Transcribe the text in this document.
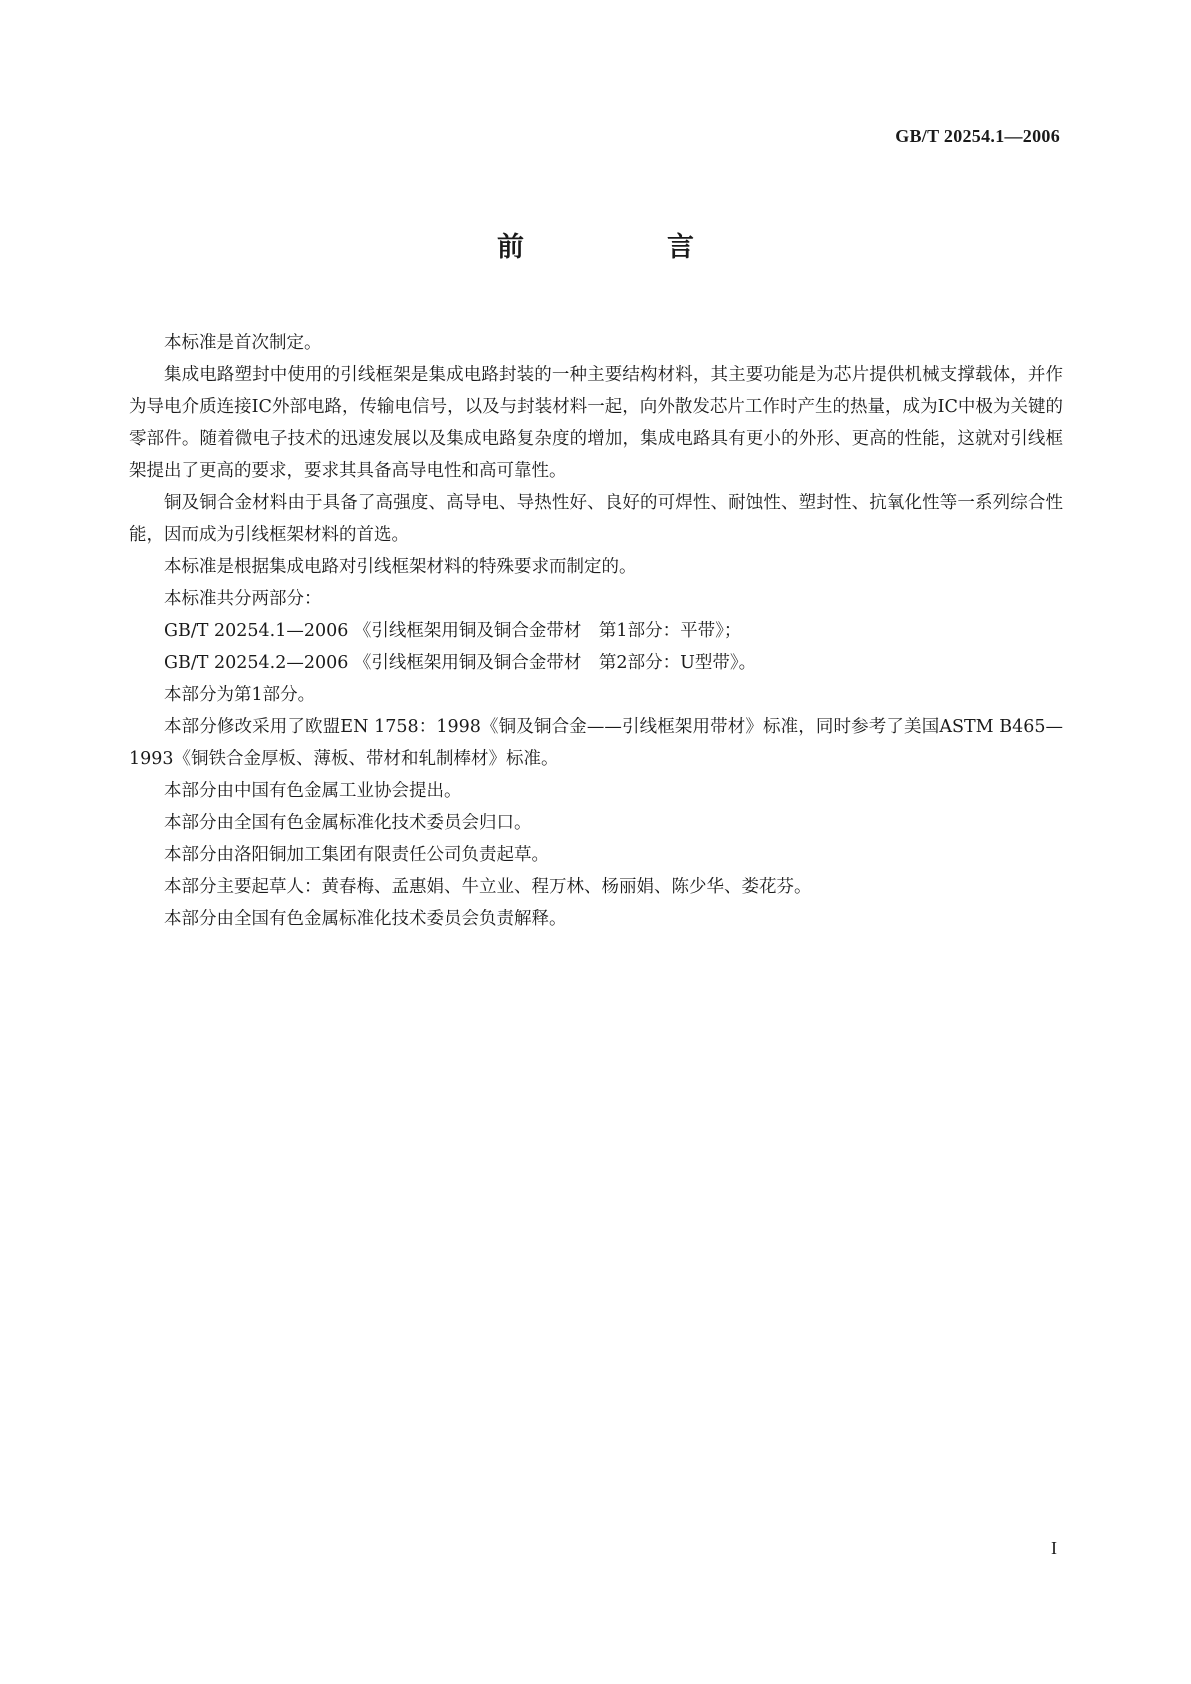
GB/T 20254.1—2006
前　言

本标准是首次制定。

集成电路塑封中使用的引线框架是集成电路封装的一种主要结构材料，其主要功能是为芯片提供机械支撑载体，并作为导电介质连接IC外部电路，传输电信号，以及与封装材料一起，向外散发芯片工作时产生的热量，成为IC中极为关键的零部件。随着微电子技术的迅速发展以及集成电路复杂度的增加，集成电路具有更小的外形、更高的性能，这就对引线框架提出了更高的要求，要求其具备高导电性和高可靠性。

铜及铜合金材料由于具备了高强度、高导电、导热性好、良好的可焊性、耐蚀性、塑封性、抗氧化性等一系列综合性能，因而成为引线框架材料的首选。

本标准是根据集成电路对引线框架材料的特殊要求而制定的。

本标准共分两部分：

GB/T 20254.1—2006 《引线框架用铜及铜合金带材　第1部分：平带》；

GB/T 20254.2—2006 《引线框架用铜及铜合金带材　第2部分：U型带》。

本部分为第1部分。

本部分修改采用了欧盟EN 1758：1998《铜及铜合金——引线框架用带材》标准，同时参考了美国ASTM B465—1993《铜铁合金厚板、薄板、带材和轧制棒材》标准。

本部分由中国有色金属工业协会提出。

本部分由全国有色金属标准化技术委员会归口。

本部分由洛阳铜加工集团有限责任公司负责起草。

本部分主要起草人：黄春梅、孟惠娟、牛立业、程万林、杨丽娟、陈少华、娄花芬。

本部分由全国有色金属标准化技术委员会负责解释。

I
